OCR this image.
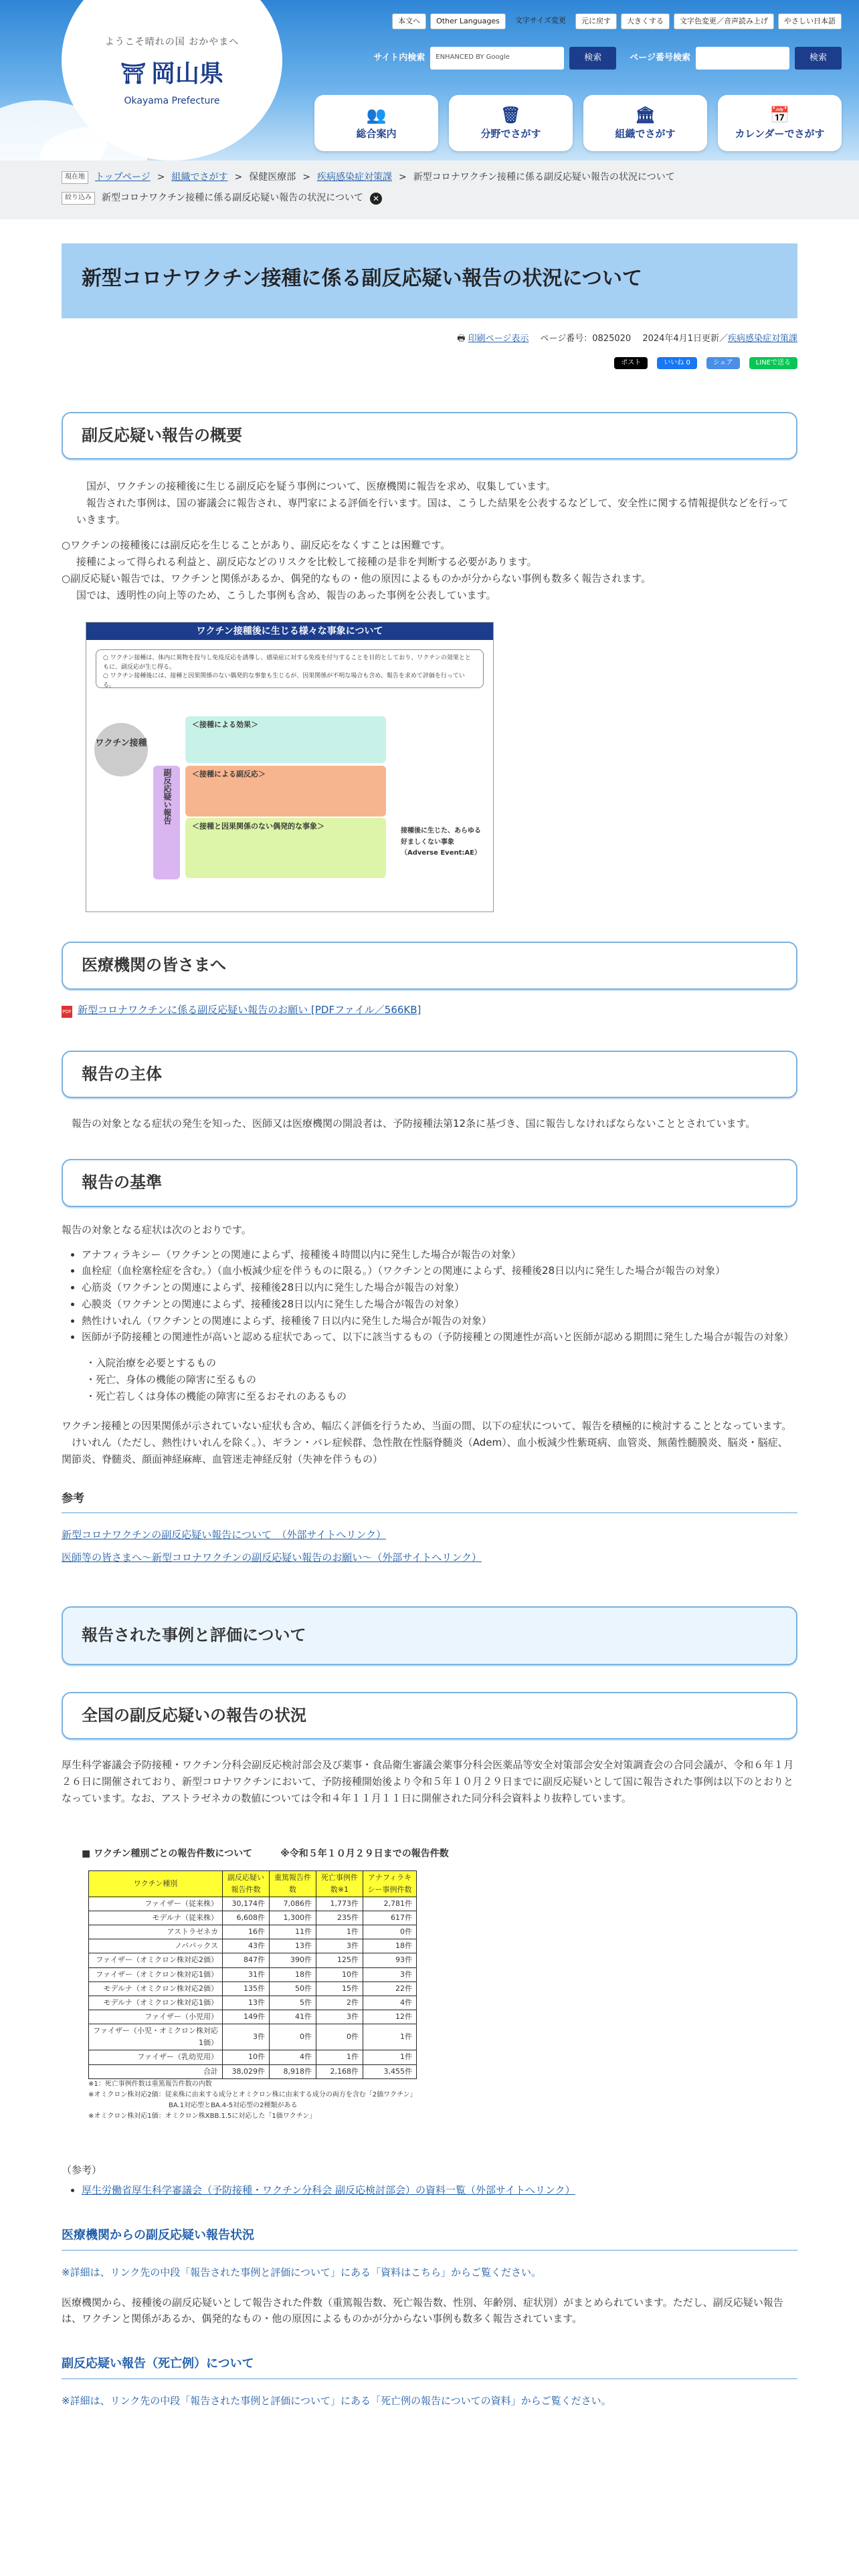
ようこそ晴れの国 おかやまへ
⛩ 岡山県
Okayama Prefecture
本文へ	Other Languages	文字サイズ変更	元に戻す	大きくする	文字色変更／音声読み上げ	やさしい日本語
サイト内検索	ENHANCED BY Google	検索	ページ番号検索	検索
👥
総合案内
🗑
分野でさがす
🏛
組織でさがす
📅
カレンダーでさがす
現在地	トップページ > 組織でさがす > 保健医療部 > 疾病感染症対策課 > 新型コロナワクチン接種に係る副反応疑い報告の状況について
絞り込み	新型コロナワクチン接種に係る副反応疑い報告の状況について	✕
新型コロナワクチン接種に係る副反応疑い報告の状況について
🖶 印刷ページ表示　 ページ番号：0825020　 2024年4月1日更新／疾病感染症対策課
ポスト	いいね 0	シェア	LINEで送る
副反応疑い報告の概要

国が、ワクチンの接種後に生じる副反応を疑う事例について、医療機関に報告を求め、収集しています。

報告された事例は、国の審議会に報告され、専門家による評価を行います。国は、こうした結果を公表するなどして、安全性に関する情報提供などを行っていきます。

○ワクチンの接種後には副反応を生じることがあり、副反応をなくすことは困難です。

接種によって得られる利益と、副反応などのリスクを比較して接種の是非を判断する必要があります。

○副反応疑い報告では、ワクチンと関係があるか、偶発的なもの・他の原因によるものかが分からない事例も数多く報告されます。

国では、透明性の向上等のため、こうした事例も含め、報告のあった事例を公表しています。

ワクチン接種後に生じる様々な事象について
○ ワクチン接種は、体内に異物を投与し免疫反応を誘導し、感染症に対する免疫を付与することを目的としており、ワクチンの効果とともに、副反応が生じ得る。
○ ワクチン接種後には、接種と因果関係のない偶発的な事象も生じるが、因果関係が不明な場合も含め、報告を求めて評価を行っている。
ワクチン接種
＜接種による効果＞
＜接種による副反応＞
＜接種と因果関係のない偶発的な事象＞
副反応疑い報告
接種後に生じた、あらゆる好ましくない事象（Adverse Event:AE）
医療機関の皆さまへ
PDF 新型コロナワクチンに係る副反応疑い報告のお願い [PDFファイル／566KB]
報告の主体

報告の対象となる症状の発生を知った、医師又は医療機関の開設者は、予防接種法第12条に基づき、国に報告しなければならないこととされています。

報告の基準

報告の対象となる症状は次のとおりです。

• アナフィラキシー（ワクチンとの関連によらず、接種後４時間以内に発生した場合が報告の対象）
• 血栓症（血栓塞栓症を含む。）（血小板減少症を伴うものに限る。）（ワクチンとの関連によらず、接種後28日以内に発生した場合が報告の対象）
• 心筋炎（ワクチンとの関連によらず、接種後28日以内に発生した場合が報告の対象）
• 心膜炎（ワクチンとの関連によらず、接種後28日以内に発生した場合が報告の対象）
• 熱性けいれん（ワクチンとの関連によらず、接種後７日以内に発生した場合が報告の対象）
• 医師が予防接種との関連性が高いと認める症状であって、以下に該当するもの（予防接種との関連性が高いと医師が認める期間に発生した場合が報告の対象）
・入院治療を必要とするもの
・死亡、身体の機能の障害に至るもの
・死亡若しくは身体の機能の障害に至るおそれのあるもの

ワクチン接種との因果関係が示されていない症状も含め、幅広く評価を行うため、当面の間、以下の症状について、報告を積極的に検討することとなっています。

けいれん（ただし、熱性けいれんを除く。）、ギラン・バレ症候群、急性散在性脳脊髄炎（Adem）、血小板減少性紫斑病、血管炎、無菌性髄膜炎、脳炎・脳症、関節炎、脊髄炎、顔面神経麻痺、血管迷走神経反射（失神を伴うもの）

参考

新型コロナワクチンの副反応疑い報告について　（外部サイトへリンク）

医師等の皆さまへ～新型コロナワクチンの副反応疑い報告のお願い～（外部サイトへリンク）

報告された事例と評価について
全国の副反応疑いの報告の状況

厚生科学審議会予防接種・ワクチン分科会副反応検討部会及び薬事・食品衛生審議会薬事分科会医薬品等安全対策部会安全対策調査会の合同会議が、令和６年１月２６日に開催されており、新型コロナワクチンにおいて、予防接種開始後より令和５年１０月２９日までに副反応疑いとして国に報告された事例は以下のとおりとなっています。なお、アストラゼネカの数値については令和４年１１月１１日に開催された同分科会資料より抜粋しています。

■ ワクチン種別ごとの報告件数について　　　	※令和５年１０月２９日までの報告件数
ワクチン種別	副反応疑い報告件数	重篤報告件数	死亡事例件数※1	アナフィラキシー事例件数
ファイザー（従来株）	30,174件	7,086件	1,773件	2,781件
モデルナ（従来株）	6,608件	1,300件	235件	617件
アストラゼネカ	16件	11件	1件	0件
ノババックス	43件	13件	3件	18件
ファイザー（オミクロン株対応2価）	847件	390件	125件	93件
ファイザー（オミクロン株対応1価）	31件	18件	10件	3件
モデルナ（オミクロン株対応2価）	135件	50件	15件	22件
モデルナ（オミクロン株対応1価）	13件	5件	2件	4件
ファイザー（小児用）	149件	41件	3件	12件
ファイザー（小児・オミクロン株対応1価）	3件	0件	0件	1件
ファイザー（乳幼児用）	10件	4件	1件	1件
合計	38,029件	8,918件	2,168件	3,455件
※1：死亡事例件数は重篤報告件数の内数
※オミクロン株対応2価：従来株に由来する成分とオミクロン株に由来する成分の両方を含む「2価ワクチン」
BA.1対応型とBA.4-5対応型の2種類がある
※オミクロン株対応1価：オミクロン株XBB.1.5に対応した「1価ワクチン」

（参考）

• 厚生労働省厚生科学審議会（予防接種・ワクチン分科会 副反応検討部会）の資料一覧（外部サイトへリンク）
医療機関からの副反応疑い報告状況

※詳細は、リンク先の中段「報告された事例と評価について」にある「資料はこちら」からご覧ください。

医療機関から、接種後の副反応疑いとして報告された件数（重篤報告数、死亡報告数、性別、年齢別、症状別）がまとめられています。ただし、副反応疑い報告は、ワクチンと関係があるか、偶発的なもの・他の原因によるものかが分からない事例も数多く報告されています。

副反応疑い報告（死亡例）について

※詳細は、リンク先の中段「報告された事例と評価について」にある「死亡例の報告についての資料」からご覧ください。
